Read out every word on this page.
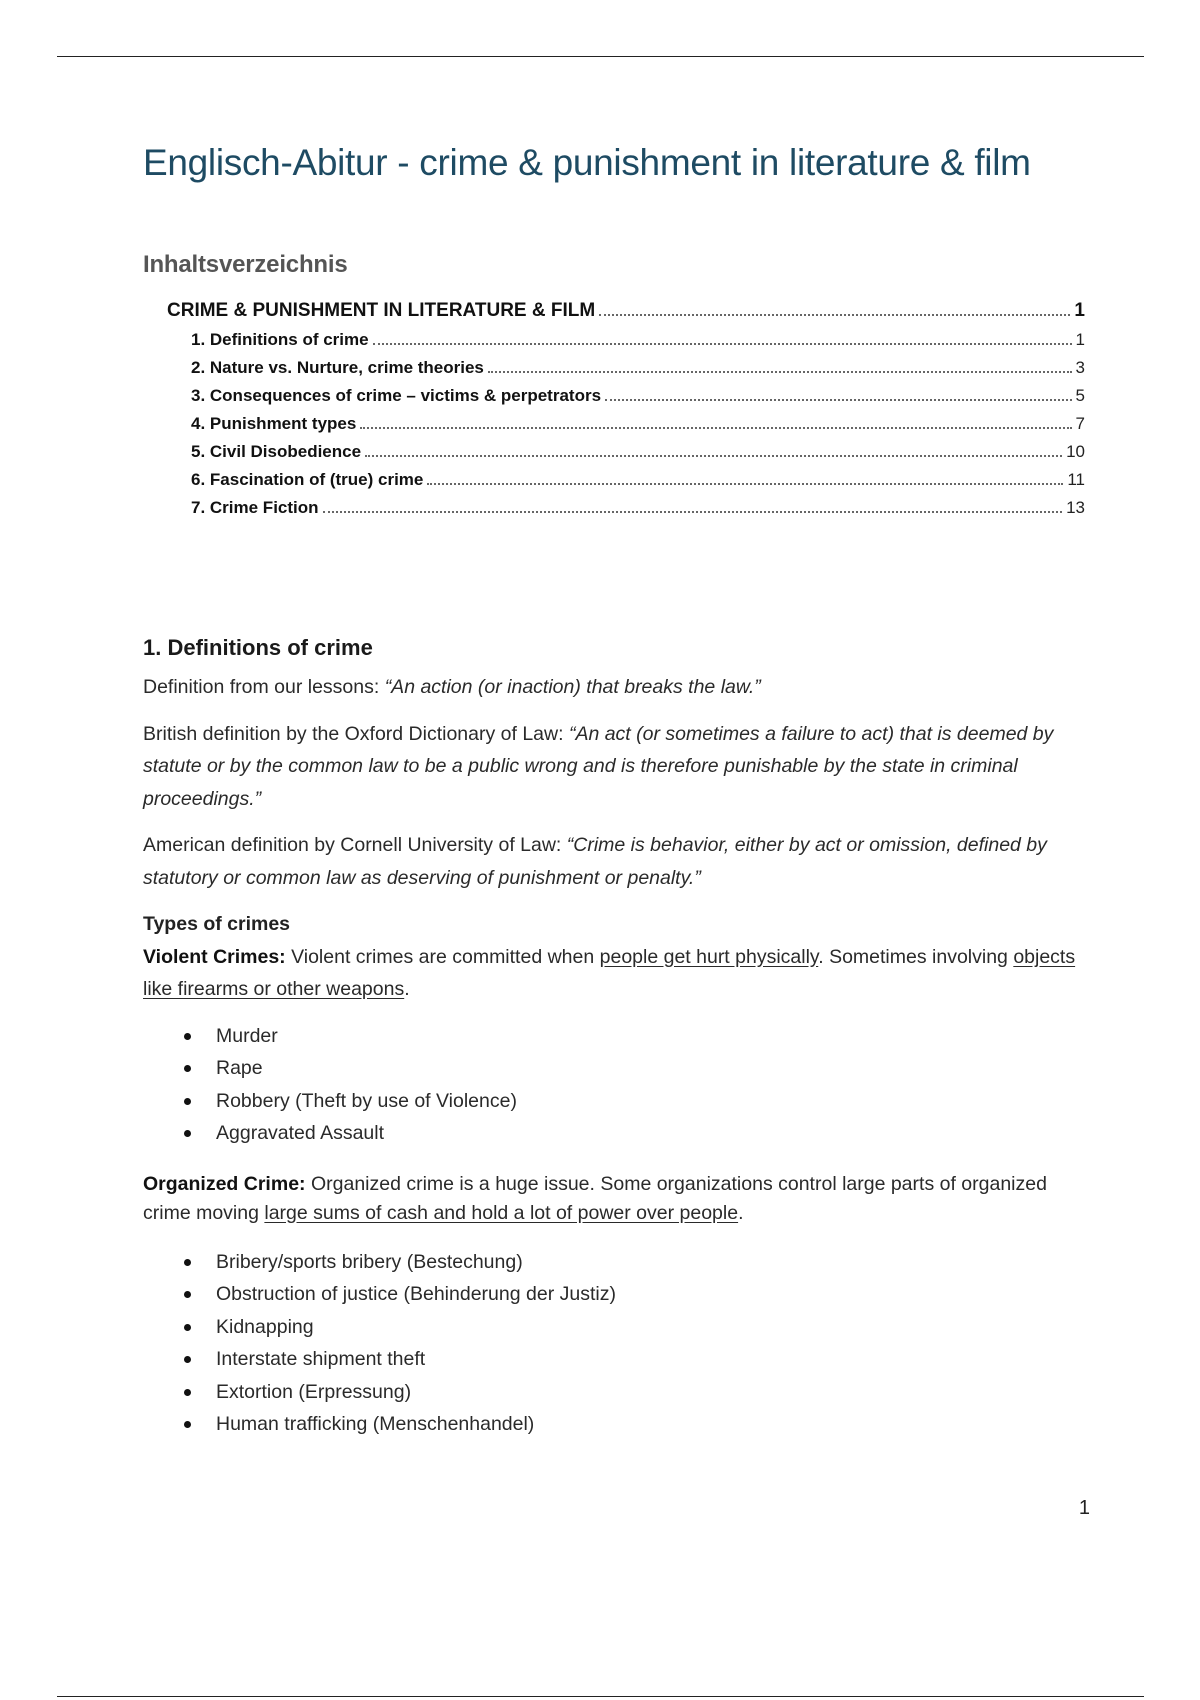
Englisch-Abitur - crime & punishment in literature & film
Inhaltsverzeichnis
CRIME & PUNISHMENT IN LITERATURE & FILM	1
1. Definitions of crime	1
2. Nature vs. Nurture, crime theories	3
3. Consequences of crime – victims & perpetrators	5
4. Punishment types	7
5. Civil Disobedience	10
6. Fascination of (true) crime	11
7. Crime Fiction	13
1. Definitions of crime

Definition from our lessons: “An action (or inaction) that breaks the law.”

British definition by the Oxford Dictionary of Law: “An act (or sometimes a failure to act) that is deemed by statute or by the common law to be a public wrong and is therefore punishable by the state in criminal proceedings.”

American definition by Cornell University of Law: “Crime is behavior, either by act or omission, defined by statutory or common law as deserving of punishment or penalty.”

Types of crimes
Violent Crimes: Violent crimes are committed when people get hurt physically. Sometimes involving objects like firearms or other weapons.

Murder
Rape
Robbery (Theft by use of Violence)
Aggravated Assault

Organized Crime: Organized crime is a huge issue. Some organizations control large parts of organized crime moving large sums of cash and hold a lot of power over people.

Bribery/sports bribery (Bestechung)
Obstruction of justice (Behinderung der Justiz)
Kidnapping
Interstate shipment theft
Extortion (Erpressung)
Human trafficking (Menschenhandel)
1
